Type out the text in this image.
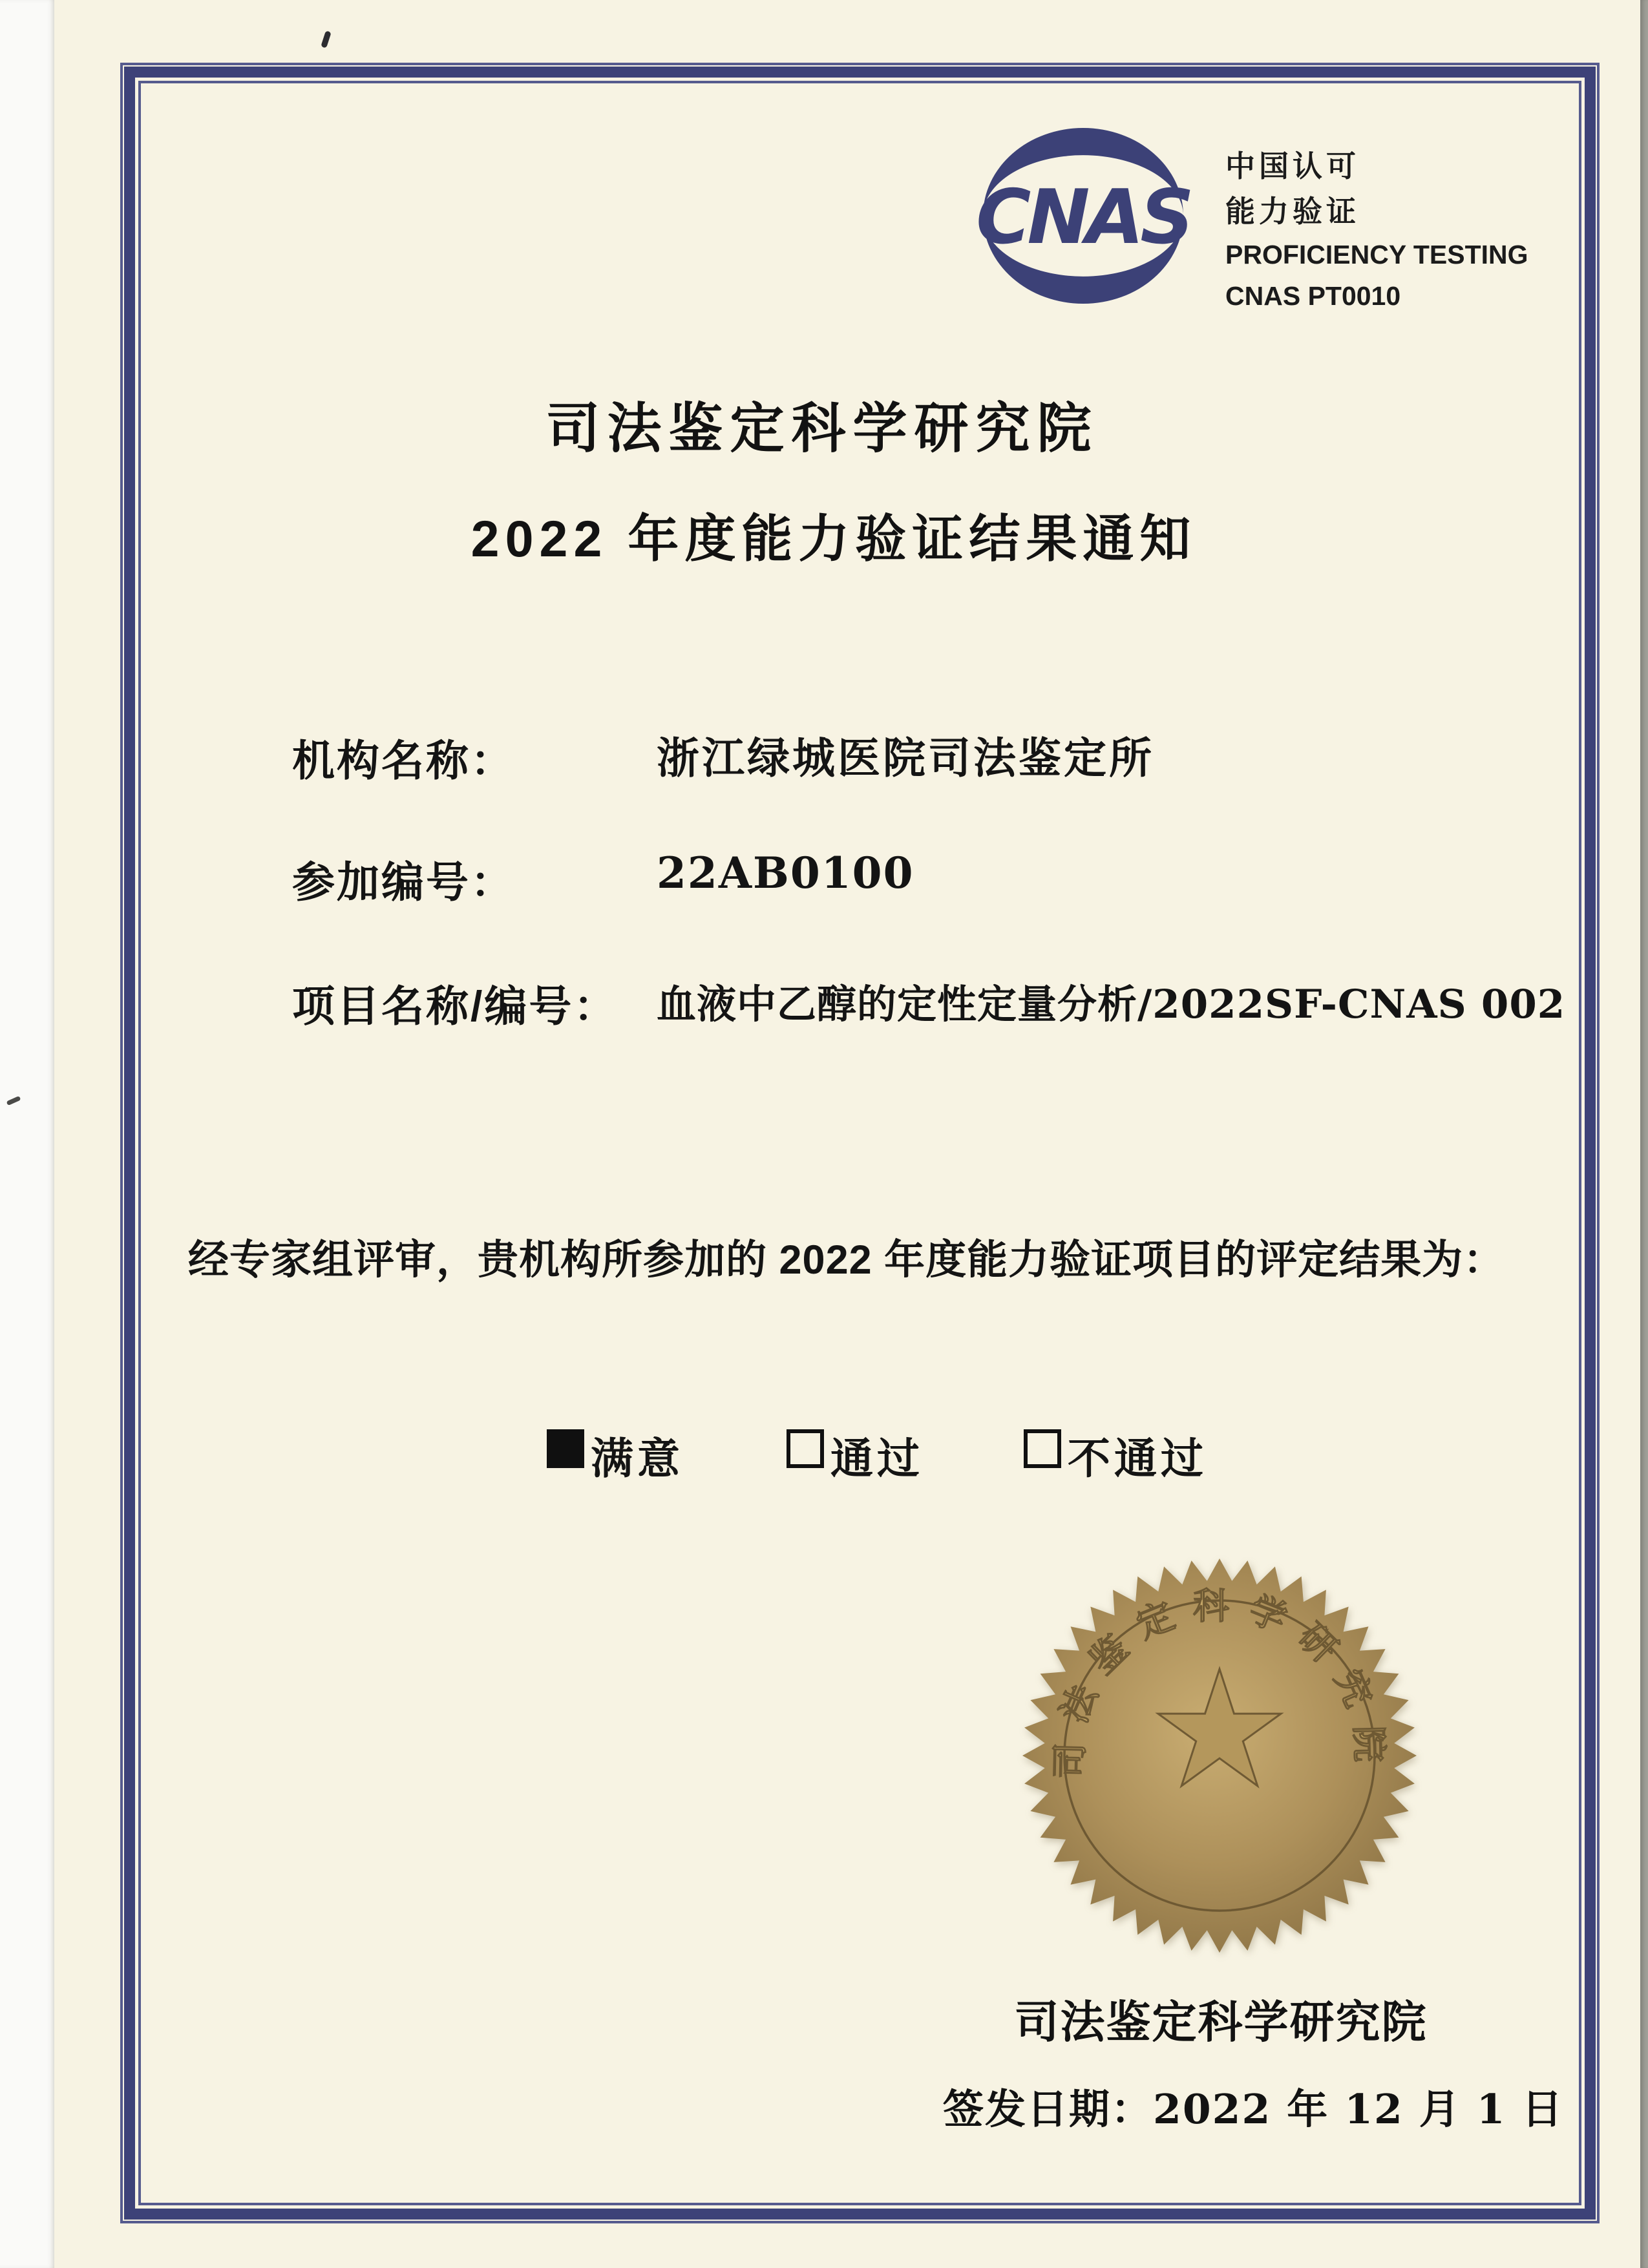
CNAS
中国认可
能力验证
PROFICIENCY TESTING
CNAS PT0010
司法鉴定科学研究院
2022 年度能力验证结果通知
机构名称：	浙江绿城医院司法鉴定所
参加编号：	22AB0100
项目名称/编号： 血液中乙醇的定性定量分析/2022SF-CNAS 002
经专家组评审，贵机构所参加的 2022 年度能力验证项目的评定结果为：
满意	通过	不通过
司法鉴定科学研究院
司法鉴定科学研究院
签发日期：2022 年 12 月 1 日
